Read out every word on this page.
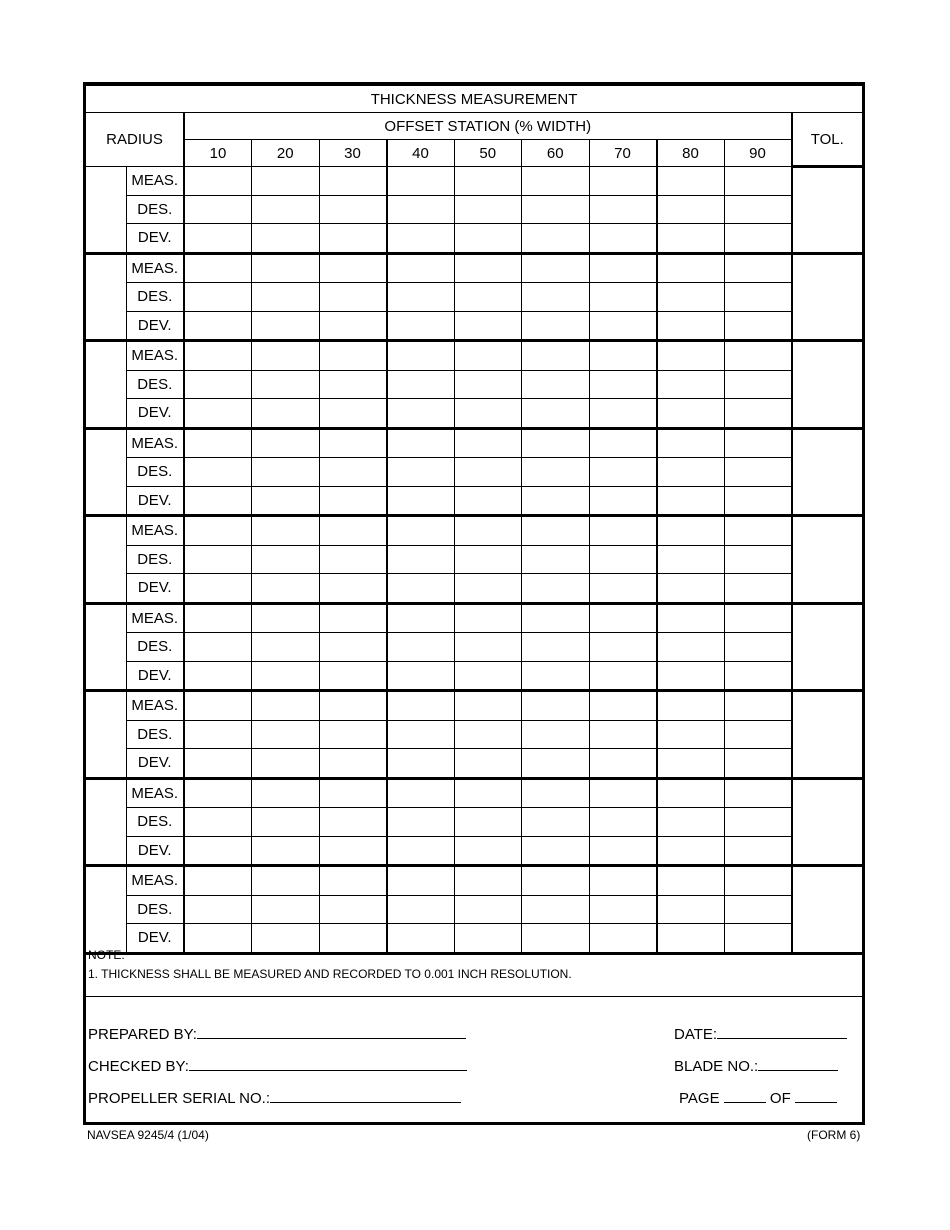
THICKNESS MEASUREMENT											
RADIUS		OFFSET STATION (% WIDTH)									TOL.
		10	20	30	40	50	60	70	80	90	
	MEAS.										
	DES.										
	DEV.										
	MEAS.										
	DES.										
	DEV.										
	MEAS.										
	DES.										
	DEV.										
	MEAS.										
	DES.										
	DEV.										
	MEAS.										
	DES.										
	DEV.										
	MEAS.										
	DES.										
	DEV.										
	MEAS.										
	DES.										
	DEV.										
	MEAS.										
	DES.										
	DEV.										
	MEAS.										
	DES.										
	DEV.										
NOTE:
1. THICKNESS SHALL BE MEASURED AND RECORDED TO 0.001 INCH RESOLUTION.
PREPARED BY:
CHECKED BY:
PROPELLER SERIAL NO.:
DATE:
BLADE NO.:
PAGE	OF
NAVSEA 9245/4 (1/04)	(FORM 6)
